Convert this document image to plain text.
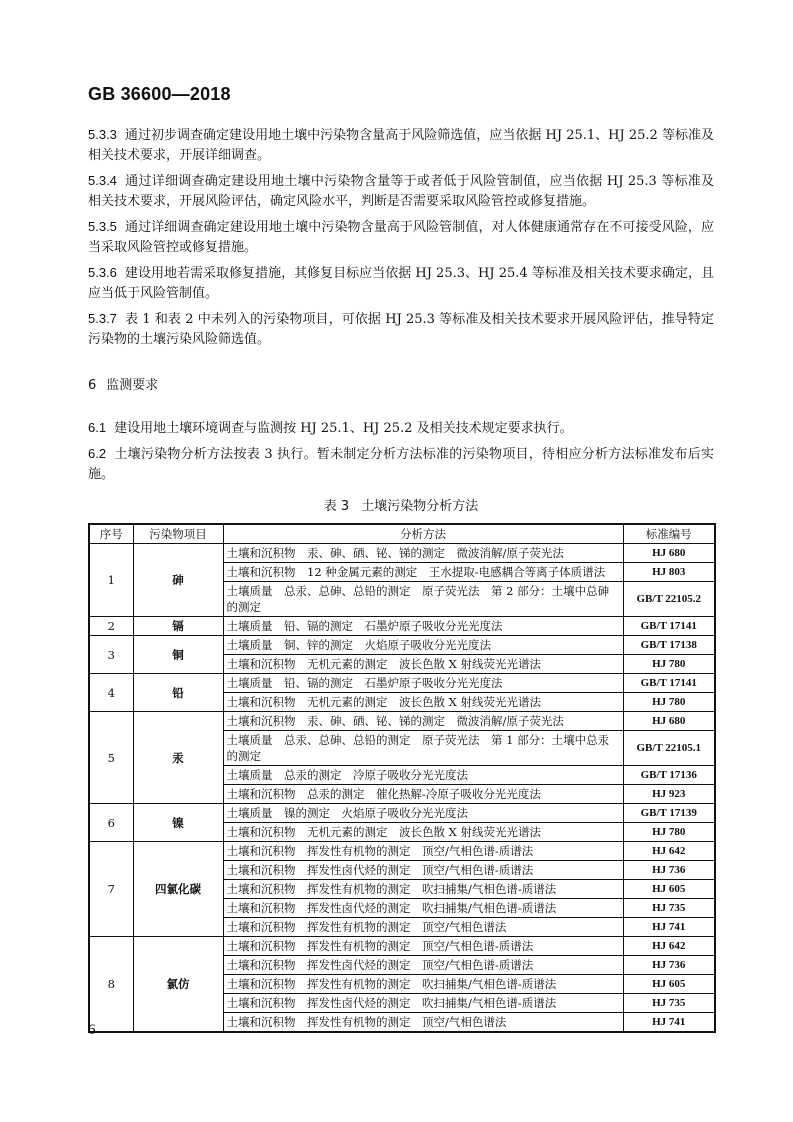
GB 36600—2018

5.3.3 通过初步调查确定建设用地土壤中污染物含量高于风险筛选值，应当依据 HJ 25.1、HJ 25.2 等标准及相关技术要求，开展详细调查。

5.3.4 通过详细调查确定建设用地土壤中污染物含量等于或者低于风险管制值，应当依据 HJ 25.3 等标准及相关技术要求，开展风险评估，确定风险水平，判断是否需要采取风险管控或修复措施。

5.3.5 通过详细调查确定建设用地土壤中污染物含量高于风险管制值，对人体健康通常存在不可接受风险，应当采取风险管控或修复措施。

5.3.6 建设用地若需采取修复措施，其修复目标应当依据 HJ 25.3、HJ 25.4 等标准及相关技术要求确定，且应当低于风险管制值。

5.3.7 表 1 和表 2 中未列入的污染物项目，可依据 HJ 25.3 等标准及相关技术要求开展风险评估，推导特定污染物的土壤污染风险筛选值。

6 监测要求

6.1 建设用地土壤环境调查与监测按 HJ 25.1、HJ 25.2 及相关技术规定要求执行。

6.2 土壤污染物分析方法按表 3 执行。暂未制定分析方法标准的污染物项目，待相应分析方法标准发布后实施。

表 3 土壤污染物分析方法
序号	污染物项目	分析方法	标准编号
1	砷	土壤和沉积物　汞、砷、硒、铋、锑的测定　微波消解/原子荧光法	HJ 680
		土壤和沉积物　12 种金属元素的测定　王水提取-电感耦合等离子体质谱法	HJ 803
		土壤质量　总汞、总砷、总铅的测定　原子荧光法　第 2 部分：土壤中总砷的测定	GB/T 22105.2
2	镉	土壤质量　铅、镉的测定　石墨炉原子吸收分光光度法	GB/T 17141
3	铜	土壤质量　铜、锌的测定　火焰原子吸收分光光度法	GB/T 17138
		土壤和沉积物　无机元素的测定　波长色散 X 射线荧光光谱法	HJ 780
4	铅	土壤质量　铅、镉的测定　石墨炉原子吸收分光光度法	GB/T 17141
		土壤和沉积物　无机元素的测定　波长色散 X 射线荧光光谱法	HJ 780
5	汞	土壤和沉积物　汞、砷、硒、铋、锑的测定　微波消解/原子荧光法	HJ 680
		土壤质量　总汞、总砷、总铅的测定　原子荧光法　第 1 部分：土壤中总汞的测定	GB/T 22105.1
		土壤质量　总汞的测定　冷原子吸收分光光度法	GB/T 17136
		土壤和沉积物　总汞的测定　催化热解-冷原子吸收分光光度法	HJ 923
6	镍	土壤质量　镍的测定　火焰原子吸收分光光度法	GB/T 17139
		土壤和沉积物　无机元素的测定　波长色散 X 射线荧光光谱法	HJ 780
7	四氯化碳	土壤和沉积物　挥发性有机物的测定　顶空/气相色谱-质谱法	HJ 642
		土壤和沉积物　挥发性卤代烃的测定　顶空/气相色谱-质谱法	HJ 736
		土壤和沉积物　挥发性有机物的测定　吹扫捕集/气相色谱-质谱法	HJ 605
		土壤和沉积物　挥发性卤代烃的测定　吹扫捕集/气相色谱-质谱法	HJ 735
		土壤和沉积物　挥发性有机物的测定　顶空/气相色谱法	HJ 741
8	氯仿	土壤和沉积物　挥发性有机物的测定　顶空/气相色谱-质谱法	HJ 642
		土壤和沉积物　挥发性卤代烃的测定　顶空/气相色谱-质谱法	HJ 736
		土壤和沉积物　挥发性有机物的测定　吹扫捕集/气相色谱-质谱法	HJ 605
		土壤和沉积物　挥发性卤代烃的测定　吹扫捕集/气相色谱-质谱法	HJ 735
		土壤和沉积物　挥发性有机物的测定　顶空/气相色谱法	HJ 741
6
